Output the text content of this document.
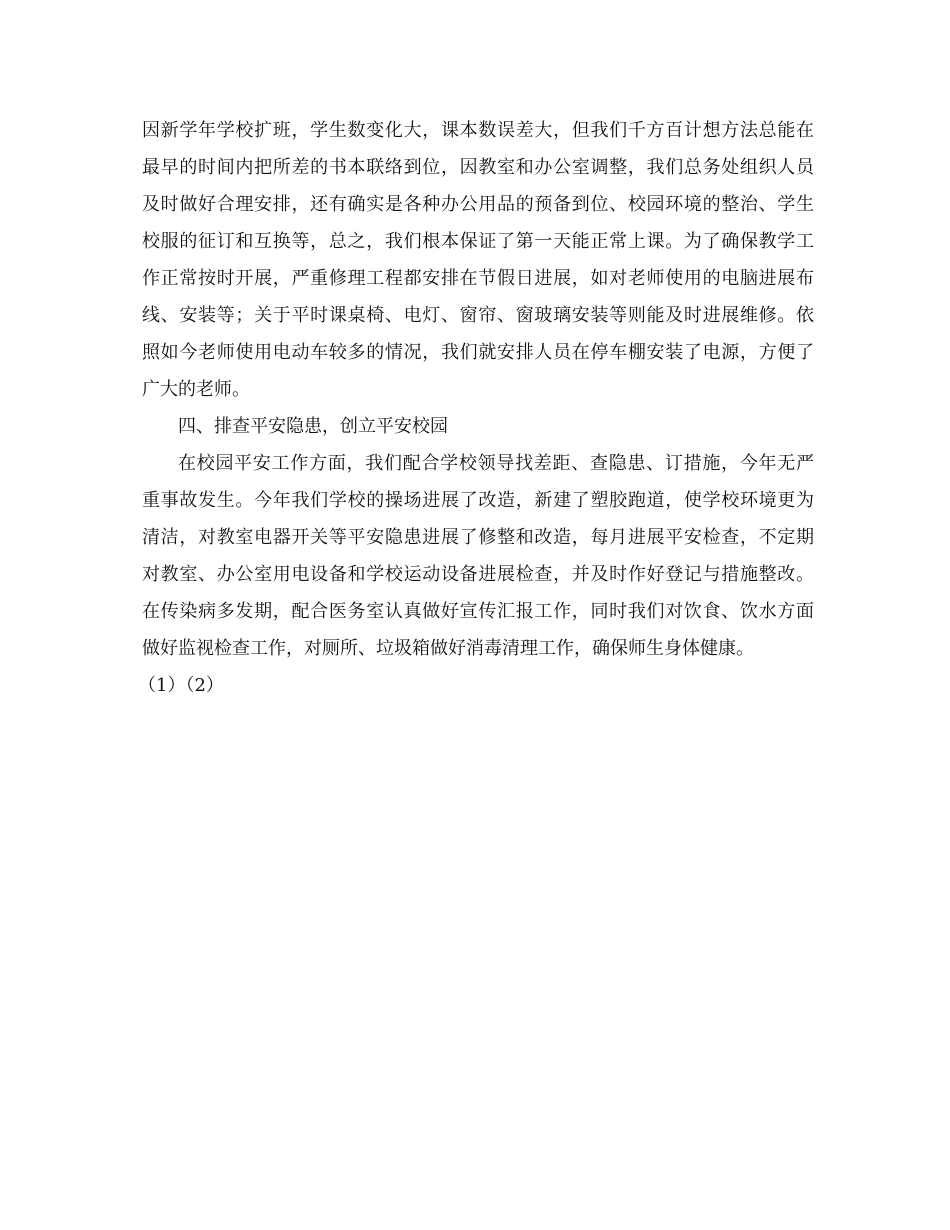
因新学年学校扩班，学生数变化大，课本数误差大，但我们千方百计想方法总能在
最早的时间内把所差的书本联络到位，因教室和办公室调整，我们总务处组织人员
及时做好合理安排，还有确实是各种办公用品的预备到位、校园环境的整治、学生
校服的征订和互换等，总之，我们根本保证了第一天能正常上课。为了确保教学工
作正常按时开展，严重修理工程都安排在节假日进展，如对老师使用的电脑进展布
线、安装等；关于平时课桌椅、电灯、窗帘、窗玻璃安装等则能及时进展维修。依
照如今老师使用电动车较多的情况，我们就安排人员在停车棚安装了电源，方便了
广大的老师。

四、排查平安隐患，创立平安校园

在校园平安工作方面，我们配合学校领导找差距、查隐患、订措施，今年无严
重事故发生。今年我们学校的操场进展了改造，新建了塑胶跑道，使学校环境更为
清洁，对教室电器开关等平安隐患进展了修整和改造，每月进展平安检查，不定期
对教室、办公室用电设备和学校运动设备进展检查，并及时作好登记与措施整改。
在传染病多发期，配合医务室认真做好宣传汇报工作，同时我们对饮食、饮水方面
做好监视检查工作，对厕所、垃圾箱做好消毒清理工作，确保师生身体健康。

（1）（2）
